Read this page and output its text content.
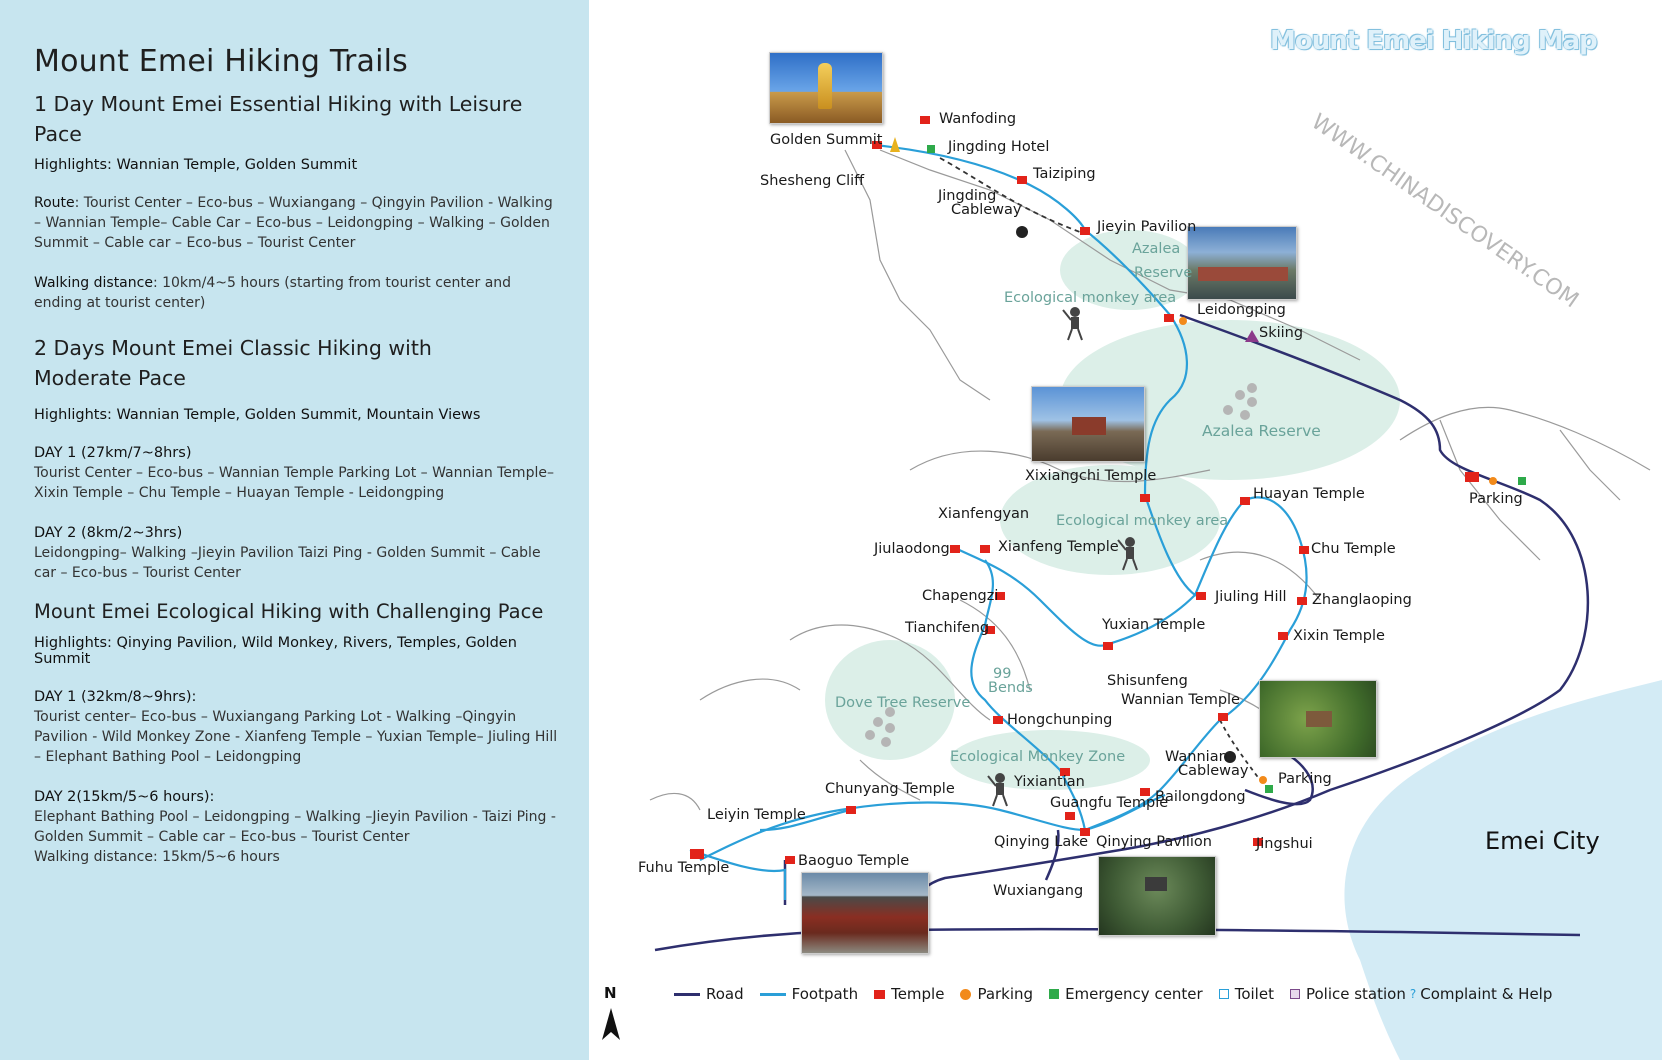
Mount Emei Hiking Trails
1 Day Mount Emei Essential Hiking with Leisure Pace
Highlights: Wannian Temple, Golden Summit
Route: Tourist Center – Eco-bus – Wuxiangang – Qingyin Pavilion - Walking – Wannian Temple– Cable Car – Eco-bus – Leidongping – Walking – Golden Summit – Cable car – Eco-bus – Tourist Center
Walking distance: 10km/4~5 hours (starting from tourist center and ending at tourist center)
2 Days Mount Emei Classic Hiking with Moderate Pace
Highlights: Wannian Temple, Golden Summit, Mountain Views
DAY 1 (27km/7~8hrs)
Tourist Center – Eco-bus – Wannian Temple Parking Lot – Wannian Temple– Xixin Temple – Chu Temple – Huayan Temple - Leidongping
DAY 2 (8km/2~3hrs)
Leidongping– Walking –Jieyin Pavilion Taizi Ping - Golden Summit – Cable car – Eco-bus – Tourist Center
Mount Emei Ecological Hiking with Challenging Pace
Highlights: Qinying Pavilion, Wild Monkey, Rivers, Temples, Golden Summit
DAY 1 (32km/8~9hrs):
Tourist center– Eco-bus – Wuxiangang Parking Lot - Walking –Qingyin Pavilion - Wild Monkey Zone - Xianfeng Temple – Yuxian Temple– Jiuling Hill – Elephant Bathing Pool – Leidongping
DAY 2(15km/5~6 hours):
Elephant Bathing Pool – Leidongping – Walking –Jieyin Pavilion - Taizi Ping - Golden Summit – Cable car – Eco-bus – Tourist Center
Walking distance: 15km/5~6 hours
WWW.CHINADISCOVERY.COM
N
Mount Emei Hiking Map
Golden Summit
Wanfoding
Jingding Hotel
Shesheng Cliff	Taiziping
Jingding
Cableway
Jieyin Pavilion
Azalea
Reserve
Ecological monkey area
Leidongping
Skiing
Azalea Reserve
Xixiangchi Temple
Parking
Huayan Temple
Xianfengyan Ecological monkey area
Chu Temple
Jiulaodong	Xianfeng Temple
Chapengzi	Jiuling Hill Zhanglaoping
Tianchifeng	Yuxian Temple
Xixin Temple
99
Bends	Shisunfeng
Wannian Temple
Dove Tree Reserve
Hongchunping
Ecological Monkey Zone	Wannian
Cableway Parking
Yixiantian
Chunyang Temple
Guangfu Temple
Bailongdong
Leiyin Temple
Qinying Lake Qinying Pavilion	Jingshui
Fuhu Temple	Baoguo Temple
Wuxiangang
Emei City
Road	Footpath Temple Parking Emergency center Toilet Police station ? Complaint & Help
